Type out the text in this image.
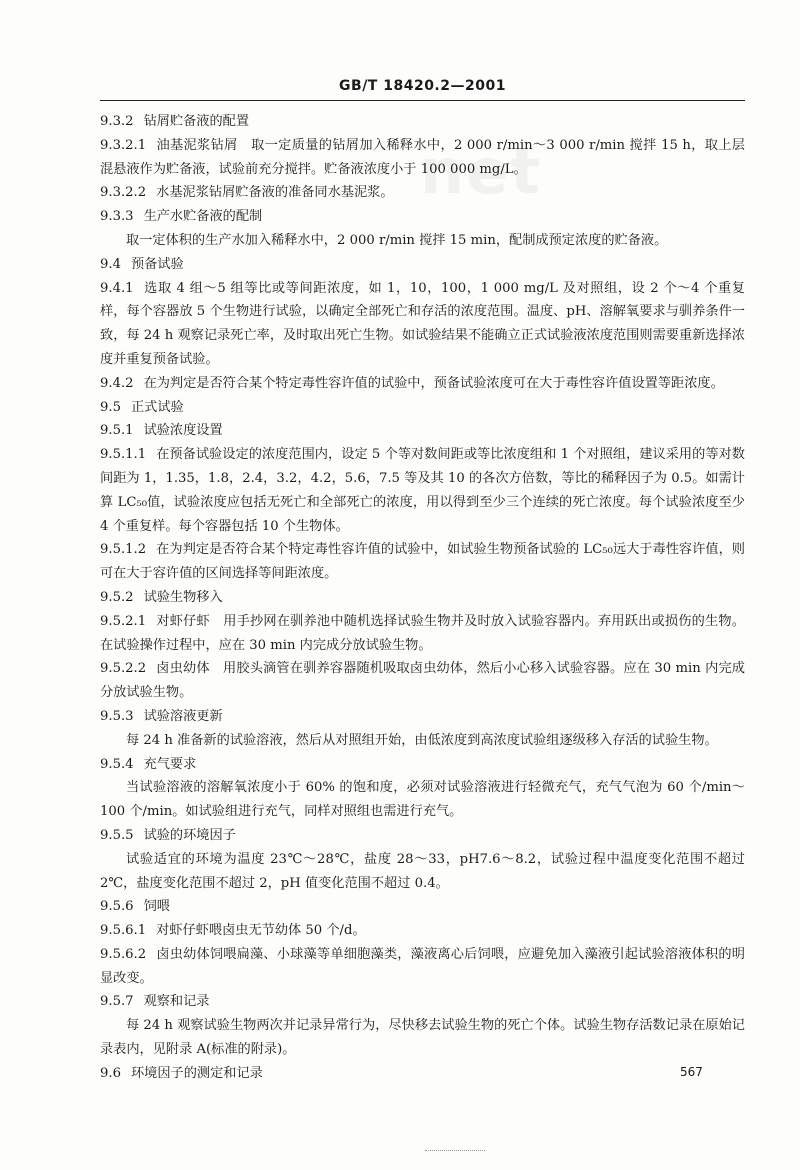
GB/T 18420.2—2001
net
9.3.2 钻屑贮备液的配置
9.3.2.1 油基泥浆钻屑　取一定质量的钻屑加入稀释水中，2 000 r/min～3 000 r/min 搅拌 15 h，取上层混悬液作为贮备液，试验前充分搅拌。贮备液浓度小于 100 000 mg/L。
9.3.2.2 水基泥浆钻屑贮备液的准备同水基泥浆。
9.3.3 生产水贮备液的配制
取一定体积的生产水加入稀释水中，2 000 r/min 搅拌 15 min，配制成预定浓度的贮备液。
9.4 预备试验
9.4.1 选取 4 组～5 组等比或等间距浓度，如 1，10，100，1 000 mg/L 及对照组，设 2 个～4 个重复样，每个容器放 5 个生物进行试验，以确定全部死亡和存活的浓度范围。温度、pH、溶解氧要求与驯养条件一致，每 24 h 观察记录死亡率，及时取出死亡生物。如试验结果不能确立正式试验液浓度范围则需要重新选择浓度并重复预备试验。
9.4.2 在为判定是否符合某个特定毒性容许值的试验中，预备试验浓度可在大于毒性容许值设置等距浓度。
9.5 正式试验
9.5.1 试验浓度设置
9.5.1.1 在预备试验设定的浓度范围内，设定 5 个等对数间距或等比浓度组和 1 个对照组，建议采用的等对数间距为 1，1.35，1.8，2.4，3.2，4.2，5.6，7.5 等及其 10 的各次方倍数，等比的稀释因子为 0.5。如需计算 LC₅₀值，试验浓度应包括无死亡和全部死亡的浓度，用以得到至少三个连续的死亡浓度。每个试验浓度至少 4 个重复样。每个容器包括 10 个生物体。
9.5.1.2 在为判定是否符合某个特定毒性容许值的试验中，如试验生物预备试验的 LC₅₀远大于毒性容许值，则可在大于容许值的区间选择等间距浓度。
9.5.2 试验生物移入
9.5.2.1 对虾仔虾　用手抄网在驯养池中随机选择试验生物并及时放入试验容器内。弃用跃出或损伤的生物。在试验操作过程中，应在 30 min 内完成分放试验生物。
9.5.2.2 卤虫幼体　用胶头滴管在驯养容器随机吸取卤虫幼体，然后小心移入试验容器。应在 30 min 内完成分放试验生物。
9.5.3 试验溶液更新
每 24 h 准备新的试验溶液，然后从对照组开始，由低浓度到高浓度试验组逐级移入存活的试验生物。
9.5.4 充气要求
当试验溶液的溶解氧浓度小于 60% 的饱和度，必须对试验溶液进行轻微充气，充气气泡为 60 个/min～100 个/min。如试验组进行充气，同样对照组也需进行充气。
9.5.5 试验的环境因子
试验适宜的环境为温度 23℃～28℃，盐度 28～33，pH7.6～8.2，试验过程中温度变化范围不超过 2℃，盐度变化范围不超过 2，pH 值变化范围不超过 0.4。
9.5.6 饲喂
9.5.6.1 对虾仔虾喂卤虫无节幼体 50 个/d。
9.5.6.2 卤虫幼体饲喂扁藻、小球藻等单细胞藻类，藻液离心后饲喂，应避免加入藻液引起试验溶液体积的明显改变。
9.5.7 观察和记录
每 24 h 观察试验生物两次并记录异常行为，尽快移去试验生物的死亡个体。试验生物存活数记录在原始记录表内，见附录 A(标准的附录)。
9.6 环境因子的测定和记录	567
